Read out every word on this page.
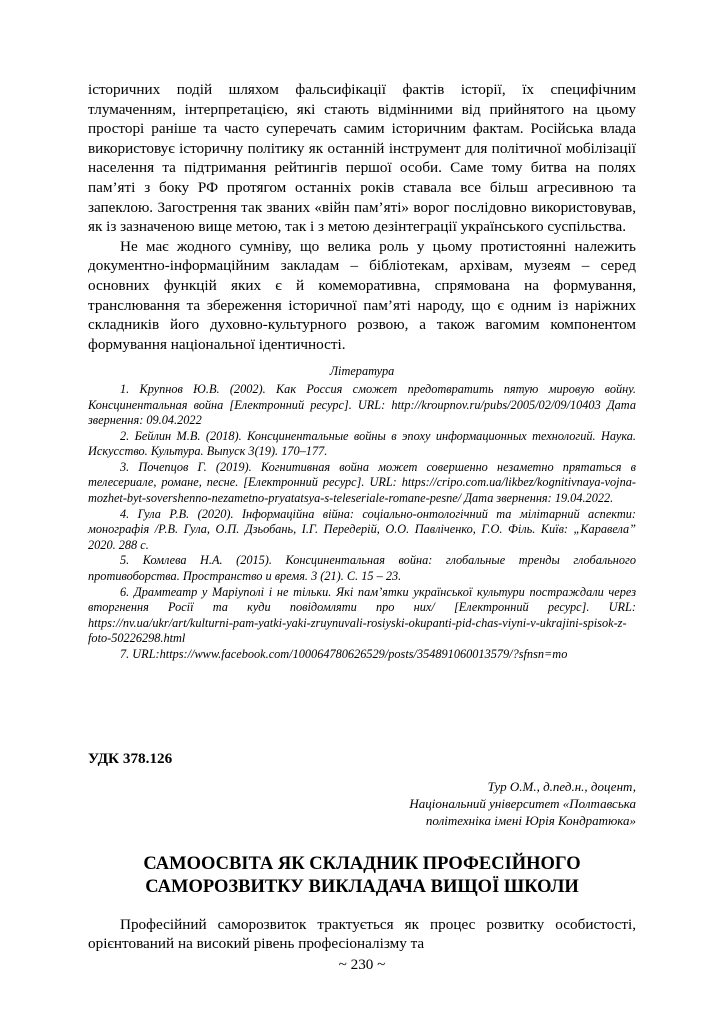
історичних подій шляхом фальсифікації фактів історії, їх специфічним тлумаченням, інтерпретацією, які стають відмінними від прийнятого на цьому просторі раніше та часто суперечать самим історичним фактам. Російська влада використовує історичну політику як останній інструмент для політичної мобілізації населення та підтримання рейтингів першої особи. Саме тому битва на полях пам’яті з боку РФ протягом останніх років ставала все більш агресивною та запеклою. Загострення так званих «війн пам’яті» ворог послідовно використовував, як із зазначеною вище метою, так і з метою дезінтеграції українського суспільства.

Не має жодного сумніву, що велика роль у цьому протистоянні належить документно-інформаційним закладам – бібліотекам, архівам, музеям – серед основних функцій яких є й комеморативна, спрямована на формування, транслювання та збереження історичної пам’яті народу, що є одним із наріжних складників його духовно-культурного розвою, а також вагомим компонентом формування національної ідентичності.

Література

1. Крупнов Ю.В. (2002). Как Россия сможет предотвратить пятую мировую войну. Консцинентальная война [Електронний ресурс]. URL: http://kroupnov.ru/pubs/2005/02/09/10403 Дата звернення: 09.04.2022

2. Бейлин М.В. (2018). Консцинентальные войны в эпоху информационных технологий. Наука. Искусство. Культура. Выпуск 3(19). 170–177.

3. Почепцов Г. (2019). Когнитивная война может совершенно незаметно прятаться в телесериале, романе, песне. [Електронний ресурс]. URL: https://cripo.com.ua/likbez/kognitivnaya-vojna-mozhet-byt-sovershenno-nezametno-pryatatsya-s-teleseriale-romane-pesne/ Дата звернення: 19.04.2022.

4. Гула Р.В. (2020). Інформаційна війна: соціально-онтологічний та мілітарний аспекти: монографія /Р.В. Гула, О.П. Дзьобань, І.Г. Передерій, О.О. Павліченко, Г.О. Філь. Київ: „Каравела” 2020. 288 с.

5. Комлева Н.А. (2015). Консцинентальная война: глобальные тренды глобального противоборства. Пространство и время. 3 (21). С. 15 – 23.

6. Драмтеатр у Маріуполі і не тільки. Які пам’ятки української культури постраждали через вторгнення Росії та куди повідомляти про них/ [Електронний ресурс]. URL: https://nv.ua/ukr/art/kulturni-pam-yatki-yaki-zruynuvali-rosiyski-okupanti-pid-chas-viyni-v-ukrajini-spisok-z-foto-50226298.html

7. URL:https://www.facebook.com/100064780626529/posts/354891060013579/?sfnsn=mo

УДК 378.126

Тур О.М., д.пед.н., доцент,
Національний університет «Полтавська
політехніка імені Юрія Кондратюка»
САМООСВІТА ЯК СКЛАДНИК ПРОФЕСІЙНОГО
САМОРОЗВИТКУ ВИКЛАДАЧА ВИЩОЇ ШКОЛИ

Професійний саморозвиток трактується як процес розвитку особистості, орієнтований на високий рівень професіоналізму та

~ 230 ~
